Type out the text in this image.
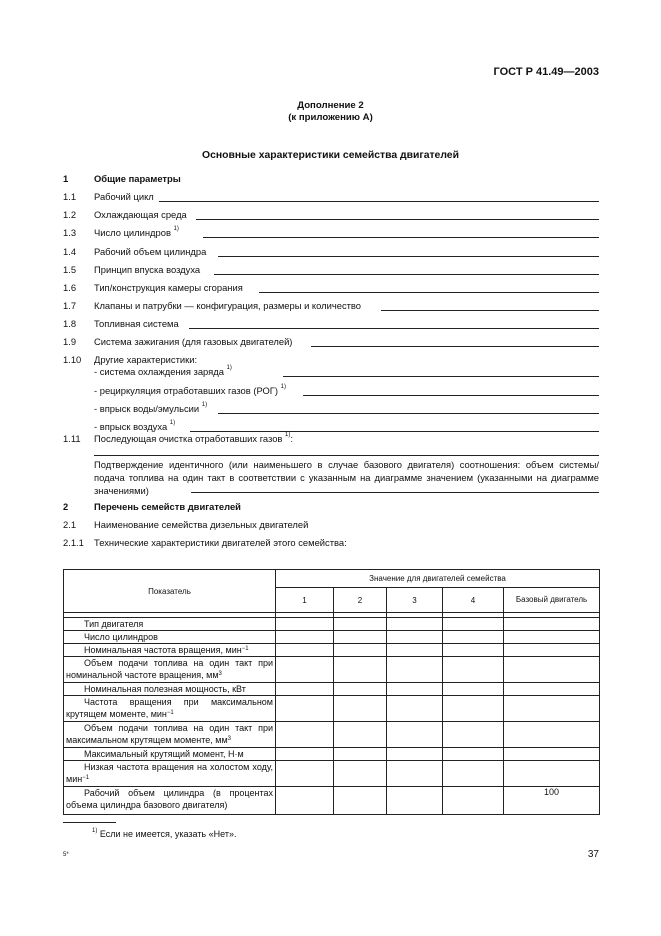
ГОСТ Р 41.49—2003
Дополнение 2
(к приложению А)
Основные характеристики семейства двигателей
1	Общие параметры
1.1 Рабочий цикл
1.2 Охлаждающая среда
1.3 Число цилиндров $^{1)}$
1.4 Рабочий объем цилиндра
1.5 Принцип впуска воздуха
1.6 Тип/конструкция камеры сгорания
1.7 Клапаны и патрубки — конфигурация, размеры и количество
1.8 Топливная система
1.9 Система зажигания (для газовых двигателей)
1.10 Другие характеристики:
- система охлаждения заряда $^{1)}$
- рециркуляция отработавших газов (РОГ) $^{1)}$
- впрыск воды/эмульсии $^{1)}$
- впрыск воздуха $^{1)}$
1.11 Последующая очистка отработавших газов $^{1)}$:
Подтверждение идентичного (или наименьшего в случае базового двигателя) соотношения: объем системы/подача топлива на один такт в соответствии с указанным на диаграмме значением (указанными на диаграмме значениями)
2	Перечень семейств двигателей
2.1 Наименование семейства дизельных двигателей
2.1.1 Технические характеристики двигателей этого семейства:
Показатель	Значение для двигателей семейства				
	1	2	3	4	Базовый двигатель

Тип двигателя					
Число цилиндров					
Номинальная частота вращения, мин$^{-1}$					
Объем подачи топлива на один такт при номинальной частоте вращения, $мм^3$					
Номинальная полезная мощность, кВт					
Частота вращения при максимальном крутящем моменте, мин$^{-1}$					
Объем подачи топлива на один такт при максимальном крутящем моменте, $мм^3$					
Максимальный крутящий момент, Н·м					
Низкая частота вращения на холостом ходу, мин$^{-1}$					
Рабочий объем цилиндра (в процентах объема цилиндра базового двигателя)					100
$^{1)}$ Если не имеется, указать «Нет».
5*	37
